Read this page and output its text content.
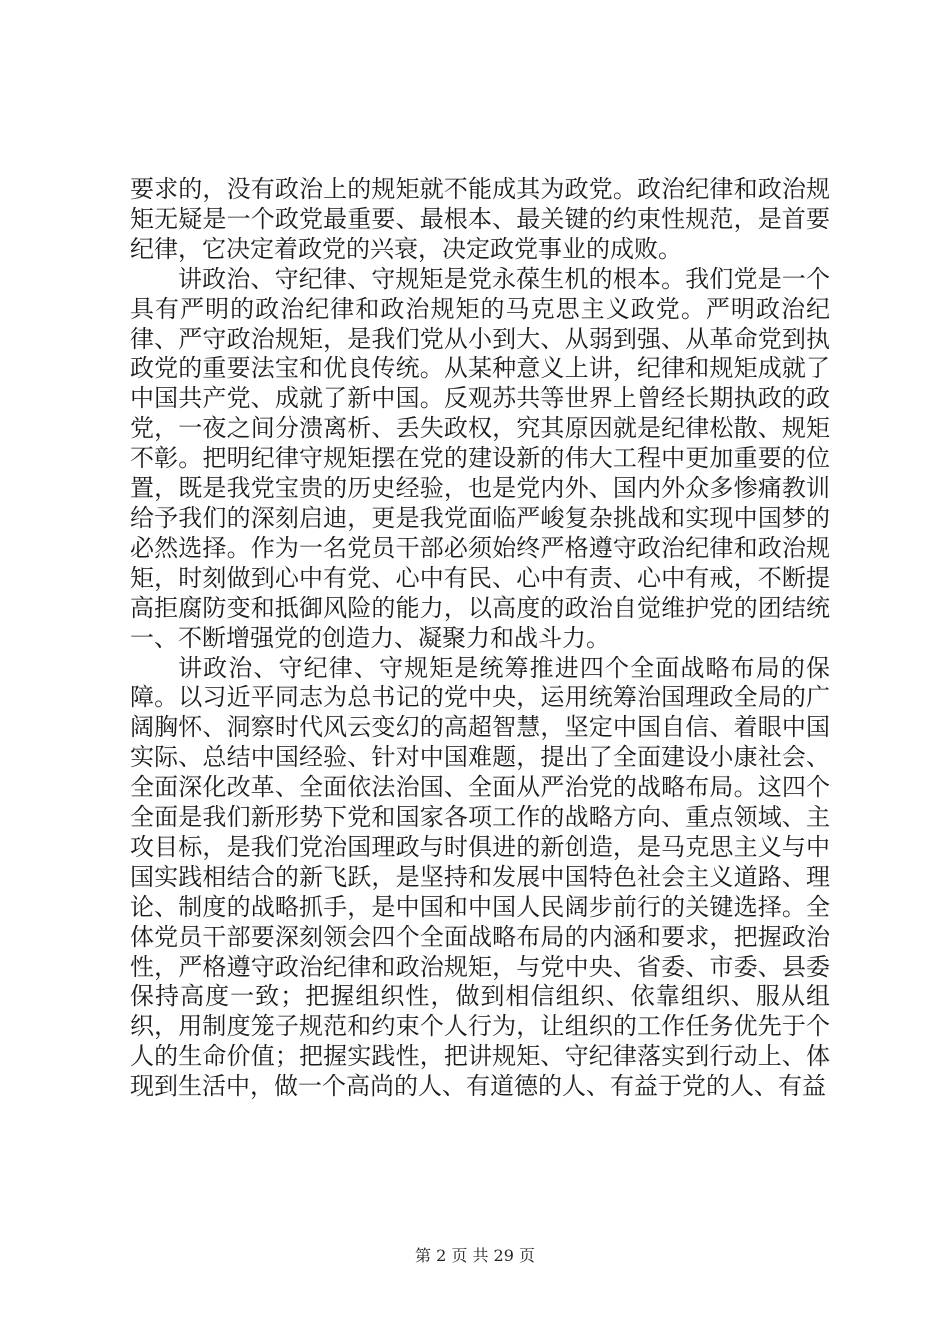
要求的，没有政治上的规矩就不能成其为政党。政治纪律和政治规矩无疑是一个政党最重要、最根本、最关键的约束性规范，是首要纪律，它决定着政党的兴衰，决定政党事业的成败。

讲政治、守纪律、守规矩是党永葆生机的根本。我们党是一个具有严明的政治纪律和政治规矩的马克思主义政党。严明政治纪律、严守政治规矩，是我们党从小到大、从弱到强、从革命党到执政党的重要法宝和优良传统。从某种意义上讲，纪律和规矩成就了中国共产党、成就了新中国。反观苏共等世界上曾经长期执政的政党，一夜之间分溃离析、丢失政权，究其原因就是纪律松散、规矩不彰。把明纪律守规矩摆在党的建设新的伟大工程中更加重要的位置，既是我党宝贵的历史经验，也是党内外、国内外众多惨痛教训给予我们的深刻启迪，更是我党面临严峻复杂挑战和实现中国梦的必然选择。作为一名党员干部必须始终严格遵守政治纪律和政治规矩，时刻做到心中有党、心中有民、心中有责、心中有戒，不断提高拒腐防变和抵御风险的能力，以高度的政治自觉维护党的团结统一、不断增强党的创造力、凝聚力和战斗力。

讲政治、守纪律、守规矩是统筹推进四个全面战略布局的保障。以习近平同志为总书记的党中央，运用统筹治国理政全局的广阔胸怀、洞察时代风云变幻的高超智慧，坚定中国自信、着眼中国实际、总结中国经验、针对中国难题，提出了全面建设小康社会、全面深化改革、全面依法治国、全面从严治党的战略布局。这四个全面是我们新形势下党和国家各项工作的战略方向、重点领域、主攻目标，是我们党治国理政与时俱进的新创造，是马克思主义与中国实践相结合的新飞跃，是坚持和发展中国特色社会主义道路、理论、制度的战略抓手，是中国和中国人民阔步前行的关键选择。全体党员干部要深刻领会四个全面战略布局的内涵和要求，把握政治性，严格遵守政治纪律和政治规矩，与党中央、省委、市委、县委保持高度一致；把握组织性，做到相信组织、依靠组织、服从组织，用制度笼子规范和约束个人行为，让组织的工作任务优先于个人的生命价值；把握实践性，把讲规矩、守纪律落实到行动上、体现到生活中，做一个高尚的人、有道德的人、有益于党的人、有益

第 2 页 共 29 页
